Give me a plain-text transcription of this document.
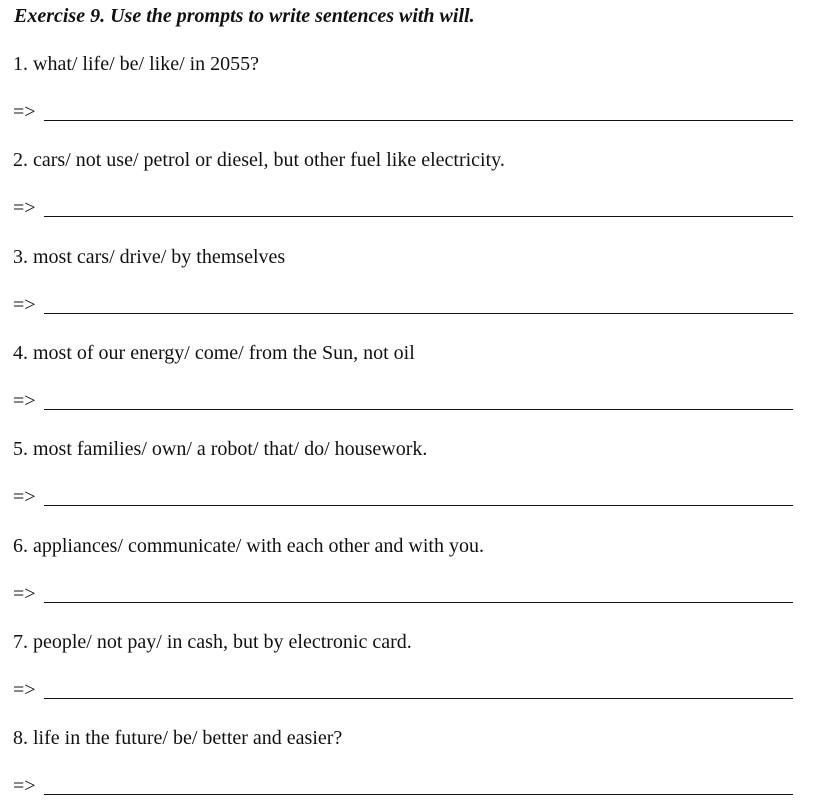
Exercise 9. Use the prompts to write sentences with will.
1. what/ life/ be/ like/ in 2055?
=>
2. cars/ not use/ petrol or diesel, but other fuel like electricity.
=>
3. most cars/ drive/ by themselves
=>
4. most of our energy/ come/ from the Sun, not oil
=>
5. most families/ own/ a robot/ that/ do/ housework.
=>
6. appliances/ communicate/ with each other and with you.
=>
7. people/ not pay/ in cash, but by electronic card.
=>
8. life in the future/ be/ better and easier?
=>
